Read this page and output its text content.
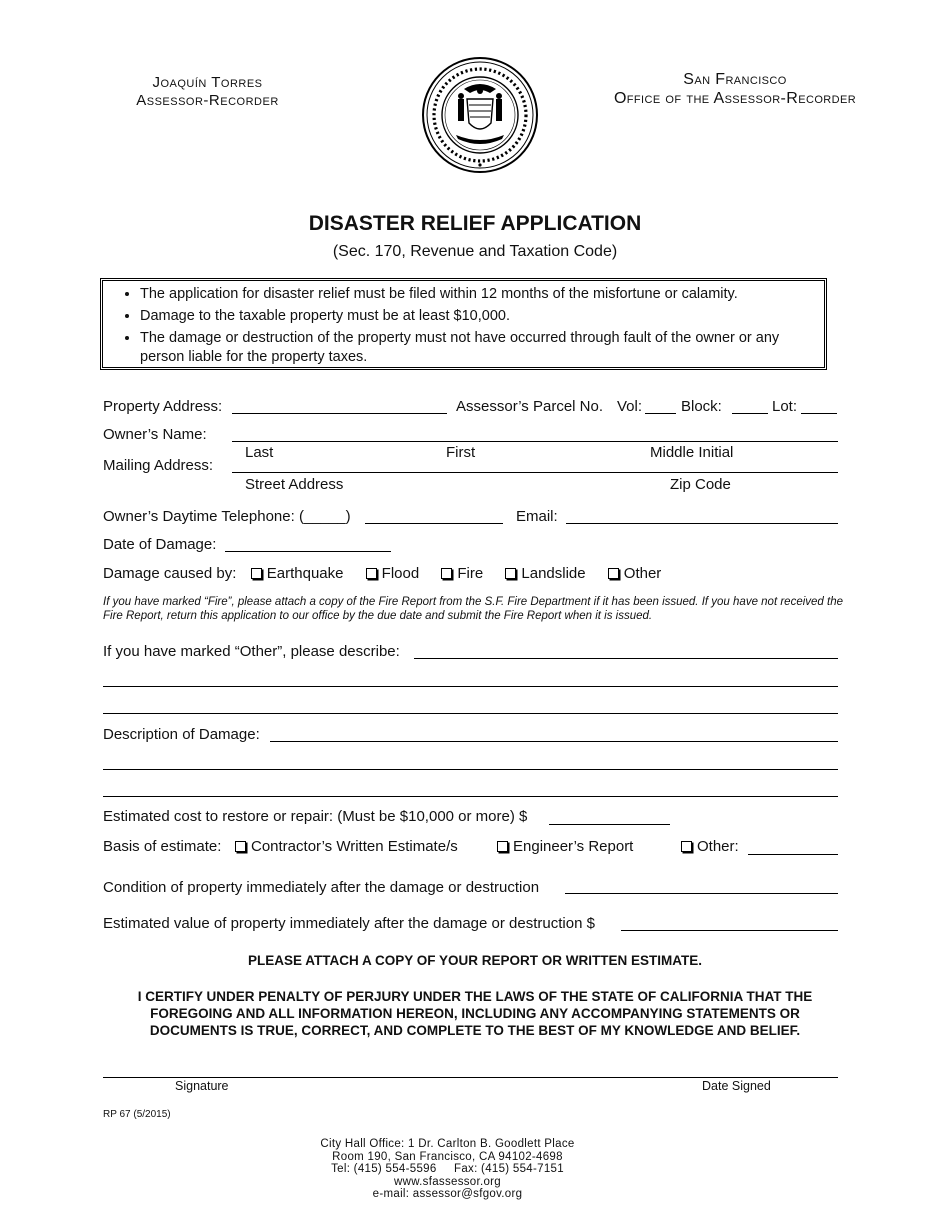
Joaquín Torres
Assessor-Recorder
San Francisco
Office of the Assessor-Recorder
DISASTER RELIEF APPLICATION
(Sec. 170, Revenue and Taxation Code)
• The application for disaster relief must be filed within 12 months of the misfortune or calamity.
• Damage to the taxable property must be at least $10,000.
• The damage or destruction of the property must not have occurred through fault of the owner or any person liable for the property taxes.
Property Address:	Assessor’s Parcel No. Vol:	Block:	Lot:
Owner’s Name:
Last	First	Middle Initial
Mailing Address:
Street Address	Zip Code
Owner’s Daytime Telephone: (_____)	Email:
Date of Damage:
Damage caused by: Earthquake	Flood	Fire	Landslide	Other
If you have marked “Fire”, please attach a copy of the Fire Report from the S.F. Fire Department if it has been issued. If you have not received the Fire Report, return this application to our office by the due date and submit the Fire Report when it is issued.
If you have marked “Other”, please describe:
Description of Damage:
Estimated cost to restore or repair: (Must be $10,000 or more) $
Basis of estimate:	Contractor’s Written Estimate/s	Engineer’s Report	Other:
Condition of property immediately after the damage or destruction
Estimated value of property immediately after the damage or destruction $
PLEASE ATTACH A COPY OF YOUR REPORT OR WRITTEN ESTIMATE.
I CERTIFY UNDER PENALTY OF PERJURY UNDER THE LAWS OF THE STATE OF CALIFORNIA THAT THE FOREGOING AND ALL INFORMATION HEREON, INCLUDING ANY ACCOMPANYING STATEMENTS OR DOCUMENTS IS TRUE, CORRECT, AND COMPLETE TO THE BEST OF MY KNOWLEDGE AND BELIEF.
Signature	Date Signed
RP 67 (5/2015)
City Hall Office: 1 Dr. Carlton B. Goodlett Place
Room 190, San Francisco, CA 94102-4698
Tel: (415) 554-5596     Fax: (415) 554-7151
www.sfassessor.org
e-mail: assessor@sfgov.org
